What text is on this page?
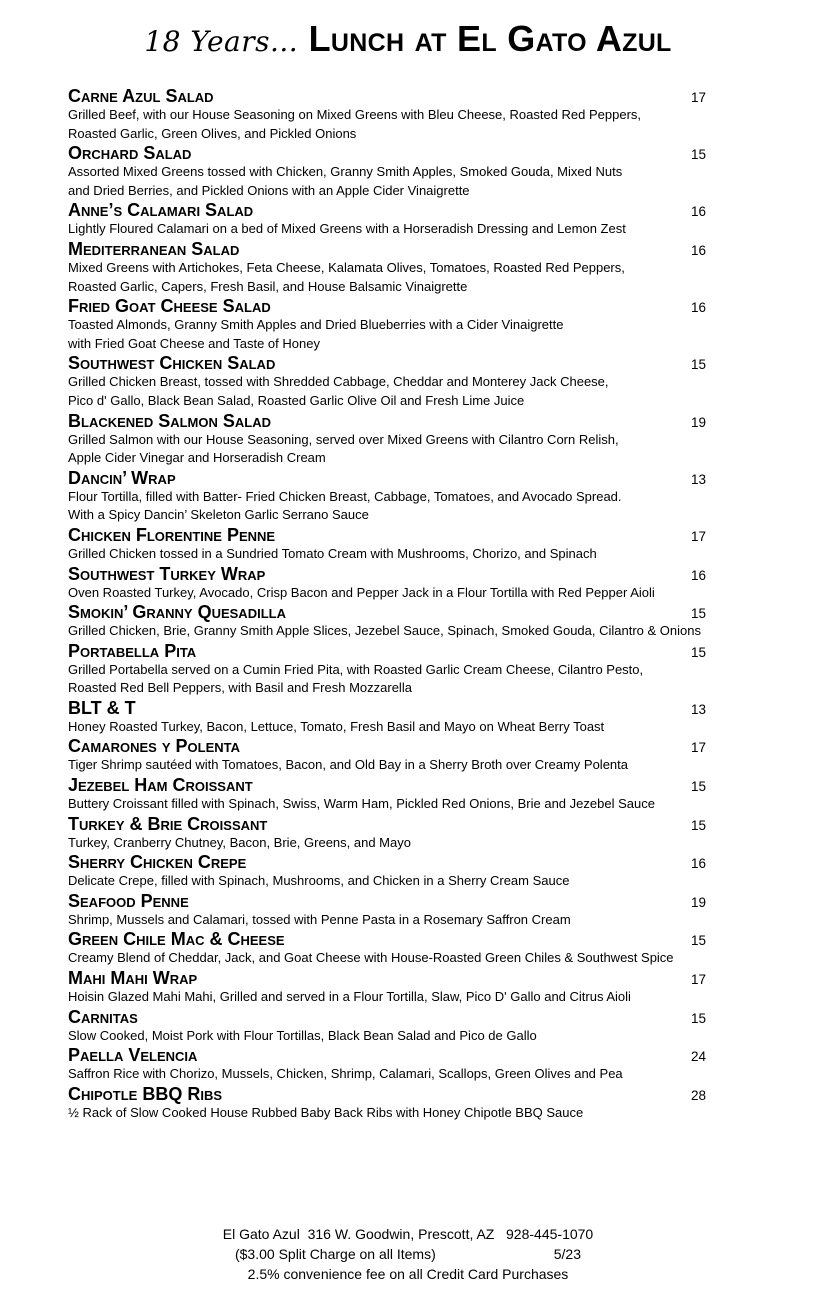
18 Years... Lunch at El Gato Azul
Carne Azul Salad	17
Grilled Beef, with our House Seasoning on Mixed Greens with Bleu Cheese, Roasted Red Peppers,
Roasted Garlic, Green Olives, and Pickled Onions
Orchard Salad	15
Assorted Mixed Greens tossed with Chicken, Granny Smith Apples, Smoked Gouda, Mixed Nuts
and Dried Berries, and Pickled Onions with an Apple Cider Vinaigrette
Anne’s Calamari Salad	16
Lightly Floured Calamari on a bed of Mixed Greens with a Horseradish Dressing and Lemon Zest
Mediterranean Salad	16
Mixed Greens with Artichokes, Feta Cheese, Kalamata Olives, Tomatoes, Roasted Red Peppers,
Roasted Garlic, Capers, Fresh Basil, and House Balsamic Vinaigrette
Fried Goat Cheese Salad	16
Toasted Almonds, Granny Smith Apples and Dried Blueberries with a Cider Vinaigrette
with Fried Goat Cheese and Taste of Honey
Southwest Chicken Salad	15
Grilled Chicken Breast, tossed with Shredded Cabbage, Cheddar and Monterey Jack Cheese,
Pico d' Gallo, Black Bean Salad, Roasted Garlic Olive Oil and Fresh Lime Juice
Blackened Salmon Salad	19
Grilled Salmon with our House Seasoning, served over Mixed Greens with Cilantro Corn Relish,
Apple Cider Vinegar and Horseradish Cream
Dancin’ Wrap	13
Flour Tortilla, filled with Batter- Fried Chicken Breast, Cabbage, Tomatoes, and Avocado Spread.
With a Spicy Dancin’ Skeleton Garlic Serrano Sauce
Chicken Florentine Penne	17
Grilled Chicken tossed in a Sundried Tomato Cream with Mushrooms, Chorizo, and Spinach
Southwest Turkey Wrap	16
Oven Roasted Turkey, Avocado, Crisp Bacon and Pepper Jack in a Flour Tortilla with Red Pepper Aioli
Smokin’ Granny Quesadilla	15
Grilled Chicken, Brie, Granny Smith Apple Slices, Jezebel Sauce, Spinach, Smoked Gouda, Cilantro & Onions
Portabella Pita	15
Grilled Portabella served on a Cumin Fried Pita, with Roasted Garlic Cream Cheese, Cilantro Pesto,
Roasted Red Bell Peppers, with Basil and Fresh Mozzarella
BLT & T	13
Honey Roasted Turkey, Bacon, Lettuce, Tomato, Fresh Basil and Mayo on Wheat Berry Toast
Camarones y Polenta	17
Tiger Shrimp sautéed with Tomatoes, Bacon, and Old Bay in a Sherry Broth over Creamy Polenta
Jezebel Ham Croissant	15
Buttery Croissant filled with Spinach, Swiss, Warm Ham, Pickled Red Onions, Brie and Jezebel Sauce
Turkey & Brie Croissant	15
Turkey, Cranberry Chutney, Bacon, Brie, Greens, and Mayo
Sherry Chicken Crepe	16
Delicate Crepe, filled with Spinach, Mushrooms, and Chicken in a Sherry Cream Sauce
Seafood Penne	19
Shrimp, Mussels and Calamari, tossed with Penne Pasta in a Rosemary Saffron Cream
Green Chile Mac & Cheese	15
Creamy Blend of Cheddar, Jack, and Goat Cheese with House-Roasted Green Chiles & Southwest Spice
Mahi Mahi Wrap	17
Hoisin Glazed Mahi Mahi, Grilled and served in a Flour Tortilla, Slaw, Pico D' Gallo and Citrus Aioli
Carnitas	15
Slow Cooked, Moist Pork with Flour Tortillas, Black Bean Salad and Pico de Gallo
Paella Velencia	24
Saffron Rice with Chorizo, Mussels, Chicken, Shrimp, Calamari, Scallops, Green Olives and Pea
Chipotle BBQ Ribs	28
½ Rack of Slow Cooked House Rubbed Baby Back Ribs with Honey Chipotle BBQ Sauce
El Gato Azul  316 W. Goodwin, Prescott, AZ   928-445-1070
($3.00 Split Charge on all Items)	5/23
2.5% convenience fee on all Credit Card Purchases
